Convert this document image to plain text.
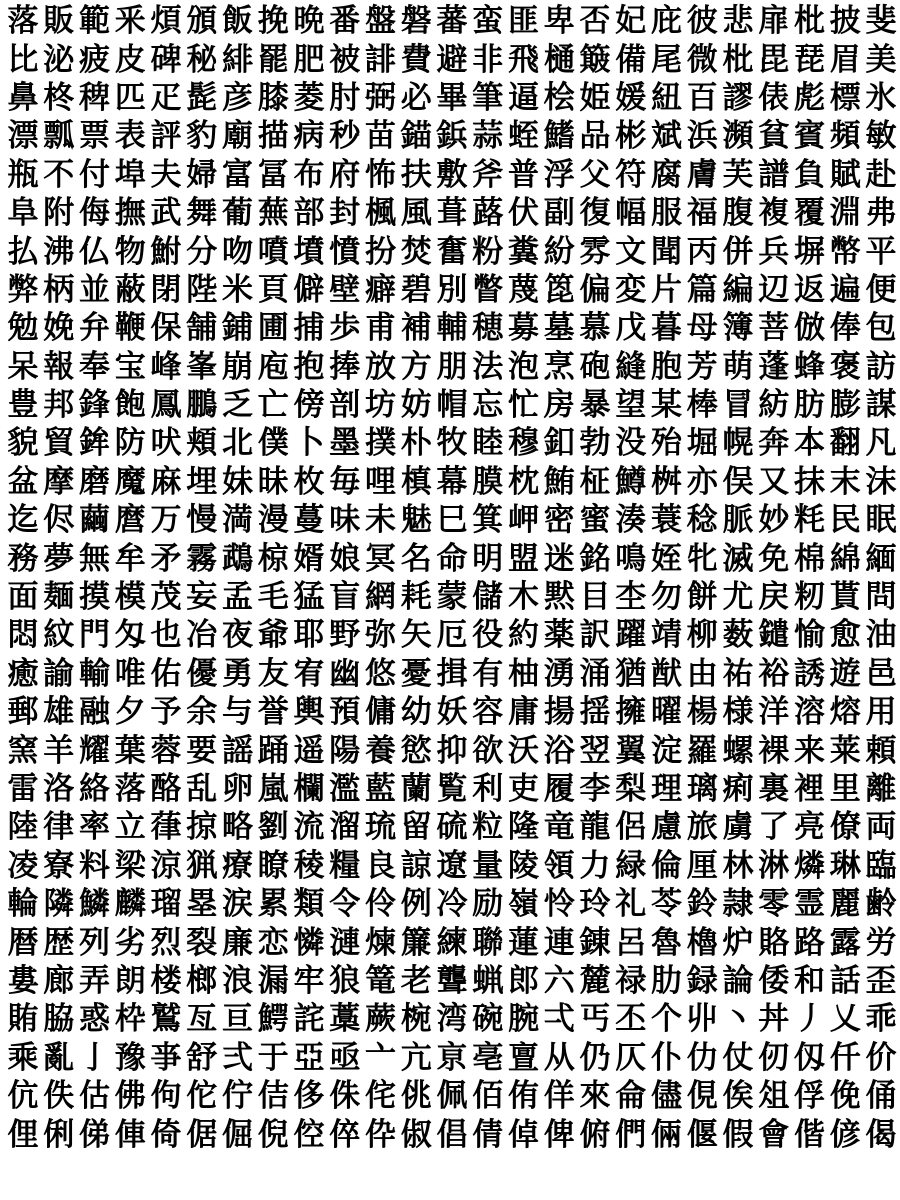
落 販 範 釆 煩 頒 飯 挽 晩 番 盤 磐 蕃 蛮 匪 卑 否 妃 庇 彼 悲 扉 枇 披 斐
比 泌 疲 皮 碑 秘 緋 罷 肥 被 誹 費 避 非 飛 樋 簸 備 尾 微 枇 毘 琵 眉 美
鼻 柊 稗 匹 疋 髭 彦 膝 菱 肘 弼 必 畢 筆 逼 桧 姫 媛 紐 百 謬 俵 彪 標 氷
漂 瓢 票 表 評 豹 廟 描 病 秒 苗 錨 鋲 蒜 蛭 鰭 品 彬 斌 浜 瀕 貧 賓 頻 敏
瓶 不 付 埠 夫 婦 富 冨 布 府 怖 扶 敷 斧 普 浮 父 符 腐 膚 芙 譜 負 賦 赴
阜 附 侮 撫 武 舞 葡 蕪 部 封 楓 風 葺 蕗 伏 副 復 幅 服 福 腹 複 覆 淵 弗
払 沸 仏 物 鮒 分 吻 噴 墳 憤 扮 焚 奮 粉 糞 紛 雰 文 聞 丙 併 兵 塀 幣 平
弊 柄 並 蔽 閉 陛 米 頁 僻 壁 癖 碧 別 瞥 蔑 箆 偏 変 片 篇 編 辺 返 遍 便
勉 娩 弁 鞭 保 舗 鋪 圃 捕 歩 甫 補 輔 穂 募 墓 慕 戊 暮 母 簿 菩 倣 俸 包
呆 報 奉 宝 峰 峯 崩 庖 抱 捧 放 方 朋 法 泡 烹 砲 縫 胞 芳 萌 蓬 蜂 褒 訪
豊 邦 鋒 飽 鳳 鵬 乏 亡 傍 剖 坊 妨 帽 忘 忙 房 暴 望 某 棒 冒 紡 肪 膨 謀
貌 貿 鉾 防 吠 頬 北 僕 卜 墨 撲 朴 牧 睦 穆 釦 勃 没 殆 堀 幌 奔 本 翻 凡
盆 摩 磨 魔 麻 埋 妹 昧 枚 毎 哩 槙 幕 膜 枕 鮪 柾 鱒 桝 亦 俣 又 抹 末 沫
迄 侭 繭 麿 万 慢 満 漫 蔓 味 未 魅 巳 箕 岬 密 蜜 湊 蓑 稔 脈 妙 粍 民 眠
務 夢 無 牟 矛 霧 鵡 椋 婿 娘 冥 名 命 明 盟 迷 銘 鳴 姪 牝 滅 免 棉 綿 緬
面 麺 摸 模 茂 妄 孟 毛 猛 盲 網 耗 蒙 儲 木 黙 目 杢 勿 餅 尤 戻 籾 貰 問
悶 紋 門 匁 也 冶 夜 爺 耶 野 弥 矢 厄 役 約 薬 訳 躍 靖 柳 薮 鑓 愉 愈 油
癒 諭 輸 唯 佑 優 勇 友 宥 幽 悠 憂 揖 有 柚 湧 涌 猶 猷 由 祐 裕 誘 遊 邑
郵 雄 融 夕 予 余 与 誉 輿 預 傭 幼 妖 容 庸 揚 揺 擁 曜 楊 様 洋 溶 熔 用
窯 羊 耀 葉 蓉 要 謡 踊 遥 陽 養 慾 抑 欲 沃 浴 翌 翼 淀 羅 螺 裸 来 莱 頼
雷 洛 絡 落 酪 乱 卵 嵐 欄 濫 藍 蘭 覧 利 吏 履 李 梨 理 璃 痢 裏 裡 里 離
陸 律 率 立 葎 掠 略 劉 流 溜 琉 留 硫 粒 隆 竜 龍 侶 慮 旅 虜 了 亮 僚 両
凌 寮 料 梁 涼 猟 療 瞭 稜 糧 良 諒 遼 量 陵 領 力 緑 倫 厘 林 淋 燐 琳 臨
輪 隣 鱗 麟 瑠 塁 涙 累 類 令 伶 例 冷 励 嶺 怜 玲 礼 苓 鈴 隷 零 霊 麗 齢
暦 歴 列 劣 烈 裂 廉 恋 憐 漣 煉 簾 練 聯 蓮 連 錬 呂 魯 櫓 炉 賂 路 露 労
婁 廊 弄 朗 楼 榔 浪 漏 牢 狼 篭 老 聾 蝋 郎 六 麓 禄 肋 録 論 倭 和 話 歪
賄 脇 惑 枠 鷲 亙 亘 鰐 詫 藁 蕨 椀 湾 碗 腕 弌 丐 丕 个 丱 丶 丼 丿 乂 乖
乘 亂 亅 豫 亊 舒 弍 于 亞 亟 亠 亢 亰 亳 亶 从 仍 仄 仆 仂 仗 仞 仭 仟 价
伉 佚 估 佛 佝 佗 佇 佶 侈 侏 侘 佻 佩 佰 侑 佯 來 侖 儘 俔 俟 俎 俘 俛 俑
俚 俐 俤 俥 倚 倨 倔 倪 倥 倅 伜 俶 倡 倩 倬 俾 俯 們 倆 偃 假 會 偕 偐 偈
